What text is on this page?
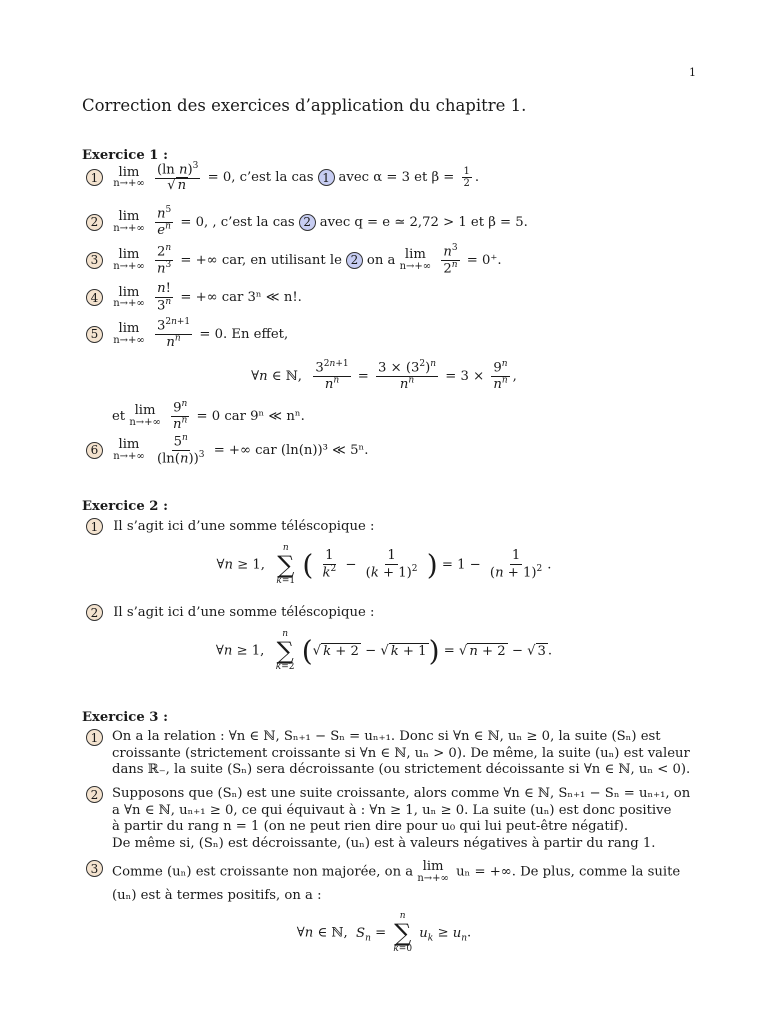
1
Correction des exercices d’application du chapitre 1.
Exercice 1 :
1 lim
n→+∞
$\frac{(\ln n)^3}{√ n} = 0$, c’est la cas 1 avec α = 3 et $\beta = \frac{1}{2}$ .
2 lim
n→+∞
$\frac{n^5}{e^n} = 0$, , c’est la cas 2 avec q = e ≃ 2,72 > 1 et β = 5.
3 lim
n→+∞
$\frac{2^n}{n^3}$ = +∞ car, en utilisant le 2 on a lim
n→+∞
$\frac{n^3}{2^n} = 0^+$.
4 lim
n→+∞
$\frac{n!}{3^n}$ = +∞ car 3ⁿ ≪ n!.
5 lim
n→+∞
$\frac{3^{2n+1}}{n^n} = 0$. En effet,
∀n ∈ ℕ, $\frac{3^{2n+1}}{n^n} = \frac{3 \times (3^2)^n}{n^n} = 3 \times \frac{9^n}{n^n}$ ,
et lim
n→+∞
$\frac{9^n}{n^n} = 0$ car 9ⁿ ≪ nⁿ.
6 lim
n→+∞
$\frac{5^n}{(\ln(n))^3}$ = +∞ car (ln(n))³ ≪ 5ⁿ.
Exercice 2 :
1 Il s’agit ici d’une somme téléscopique :
∀n ≥ 1,
n
∑
k=1 ( $\frac{1}{k^2} - \frac{1}{(k + 1)^2}$ ) = $1 - \frac{1}{(n + 1)^2}$ .
2 Il s’agit ici d’une somme téléscopique :
∀n ≥ 1,
n
∑
k=2 (√ k + 2 − √ k + 1) = √ n + 2 − √ 3 .
Exercice 3 :
1	On a la relation : ∀n ∈ ℕ, Sₙ₊₁ − Sₙ = uₙ₊₁. Donc si ∀n ∈ ℕ, uₙ ≥ 0, la suite (Sₙ) est
croissante (strictement croissante si ∀n ∈ ℕ, uₙ > 0). De même, la suite (uₙ) est valeur
dans ℝ₋, la suite (Sₙ) sera décroissante (ou strictement décoissante si ∀n ∈ ℕ, uₙ < 0).
2	Supposons que (Sₙ) est une suite croissante, alors comme ∀n ∈ ℕ, Sₙ₊₁ − Sₙ = uₙ₊₁, on
a ∀n ∈ ℕ, uₙ₊₁ ≥ 0, ce qui équivaut à : ∀n ≥ 1, uₙ ≥ 0. La suite (uₙ) est donc positive
à partir du rang n = 1 (on ne peut rien dire pour u₀ qui lui peut-être négatif).
De même si, (Sₙ) est décroissante, (uₙ) est à valeurs négatives à partir du rang 1.
3	Comme (uₙ) est croissante non majorée, on a lim
n→+∞ uₙ = +∞. De plus, comme la suite
(uₙ) est à termes positifs, on a :
∀n ∈ ℕ,  $S_n$ =
n
∑
k=0
$u_k \ge u_n$.
